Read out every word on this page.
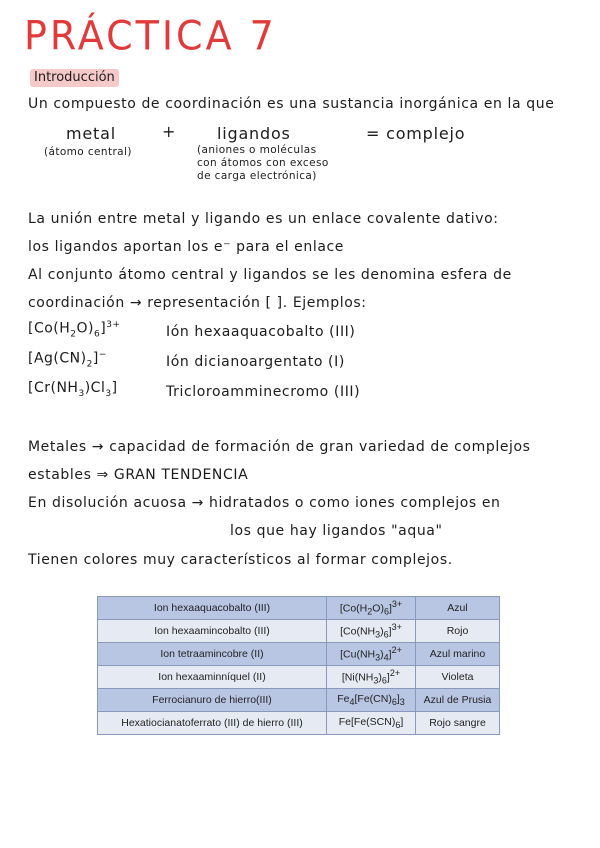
PRÁCTICA 7
Introducción
Un compuesto de coordinación es una sustancia inorgánica en la que
metal	+	ligandos	= complejo
(átomo central)	(aniones o moléculas
con átomos con exceso
de carga electrónica)
La unión entre metal y ligando es un enlace covalente dativo:
los ligandos aportan los e⁻ para el enlace
Al conjunto átomo central y ligandos se les denomina esfera de
coordinación → representación [ ]. Ejemplos:
$[Co(H_2O)_6]^{3+}$	Ión hexaaquacobalto (III)
$[Ag(CN)_2]^-$	Ión dicianoargentato (I)
$[Cr(NH_3)Cl_3]$	Tricloroamminecromo (III)
Metales → capacidad de formación de gran variedad de complejos
estables ⇒ GRAN TENDENCIA
En disolución acuosa → hidratados o como iones complejos en
los que hay ligandos "aqua"
Tienen colores muy característicos al formar complejos.
Ion hexaaquacobalto (III)	$[Co(H_2O)_6]^{3+}$	Azul
Ion hexaamincobalto (III)	$[Co(NH_3)_6]^{3+}$	Rojo
Ion tetraamincobre (II)	$[Cu(NH_3)_4]^{2+}$	Azul marino
Ion hexaaminníquel (II)	$[Ni(NH_3)_6]^{2+}$	Violeta
Ferrocianuro de hierro(III)	$Fe_4[Fe(CN)_6]_3$	Azul de Prusia
Hexatiocianatoferrato (III) de hierro (III)	$Fe[Fe(SCN)_6]$	Rojo sangre
